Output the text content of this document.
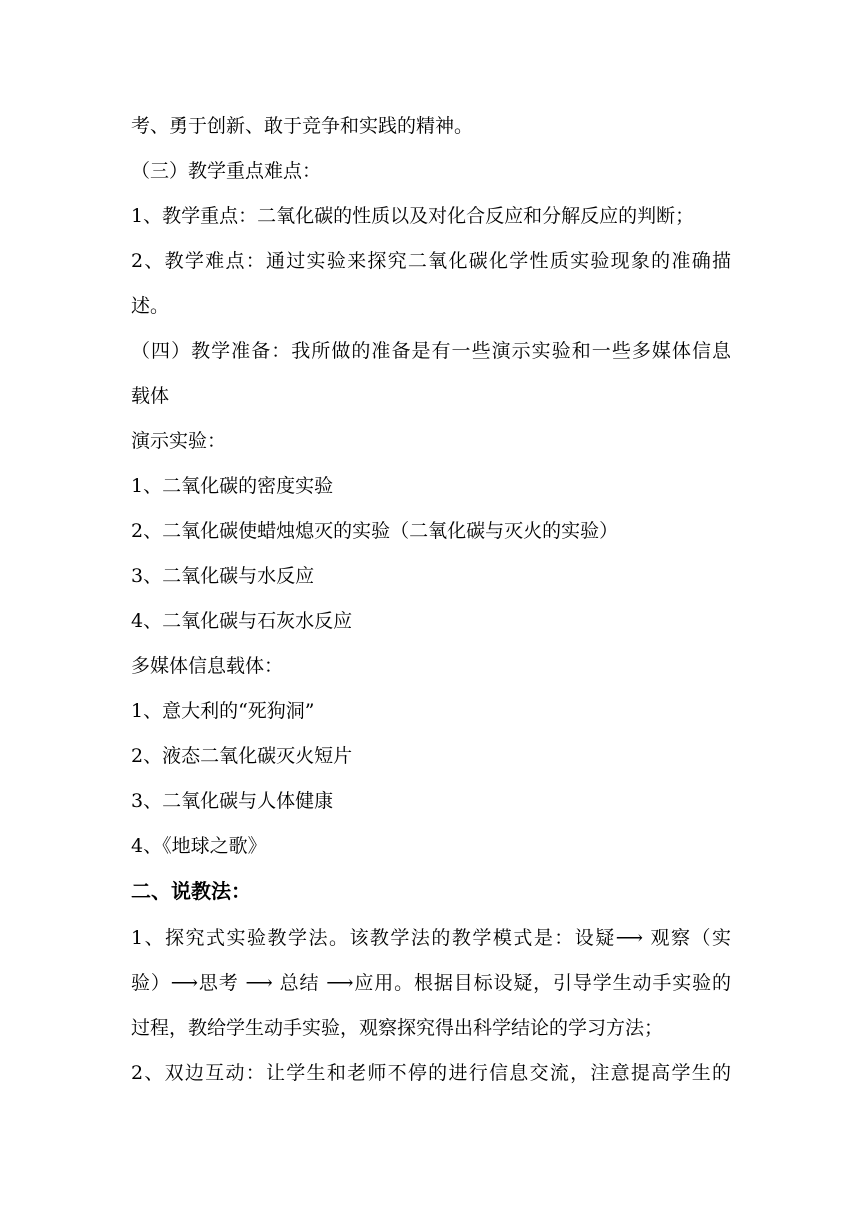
考、勇于创新、敢于竞争和实践的精神。
（三）教学重点难点：
1、教学重点：二氧化碳的性质以及对化合反应和分解反应的判断；
2、教学难点：通过实验来探究二氧化碳化学性质实验现象的准确描
述。
（四）教学准备：我所做的准备是有一些演示实验和一些多媒体信息
载体
演示实验：
1、二氧化碳的密度实验
2、二氧化碳使蜡烛熄灭的实验（二氧化碳与灭火的实验）
3、二氧化碳与水反应
4、二氧化碳与石灰水反应
多媒体信息载体：
1、意大利的“死狗洞”
2、液态二氧化碳灭火短片
3、二氧化碳与人体健康
4、《地球之歌》
二、说教法：
1、探究式实验教学法。该教学法的教学模式是：设疑⟶ 观察（实
验）⟶思考 ⟶ 总结 ⟶应用。根据目标设疑，引导学生动手实验的
过程，教给学生动手实验，观察探究得出科学结论的学习方法；
2、双边互动：让学生和老师不停的进行信息交流，注意提高学生的
